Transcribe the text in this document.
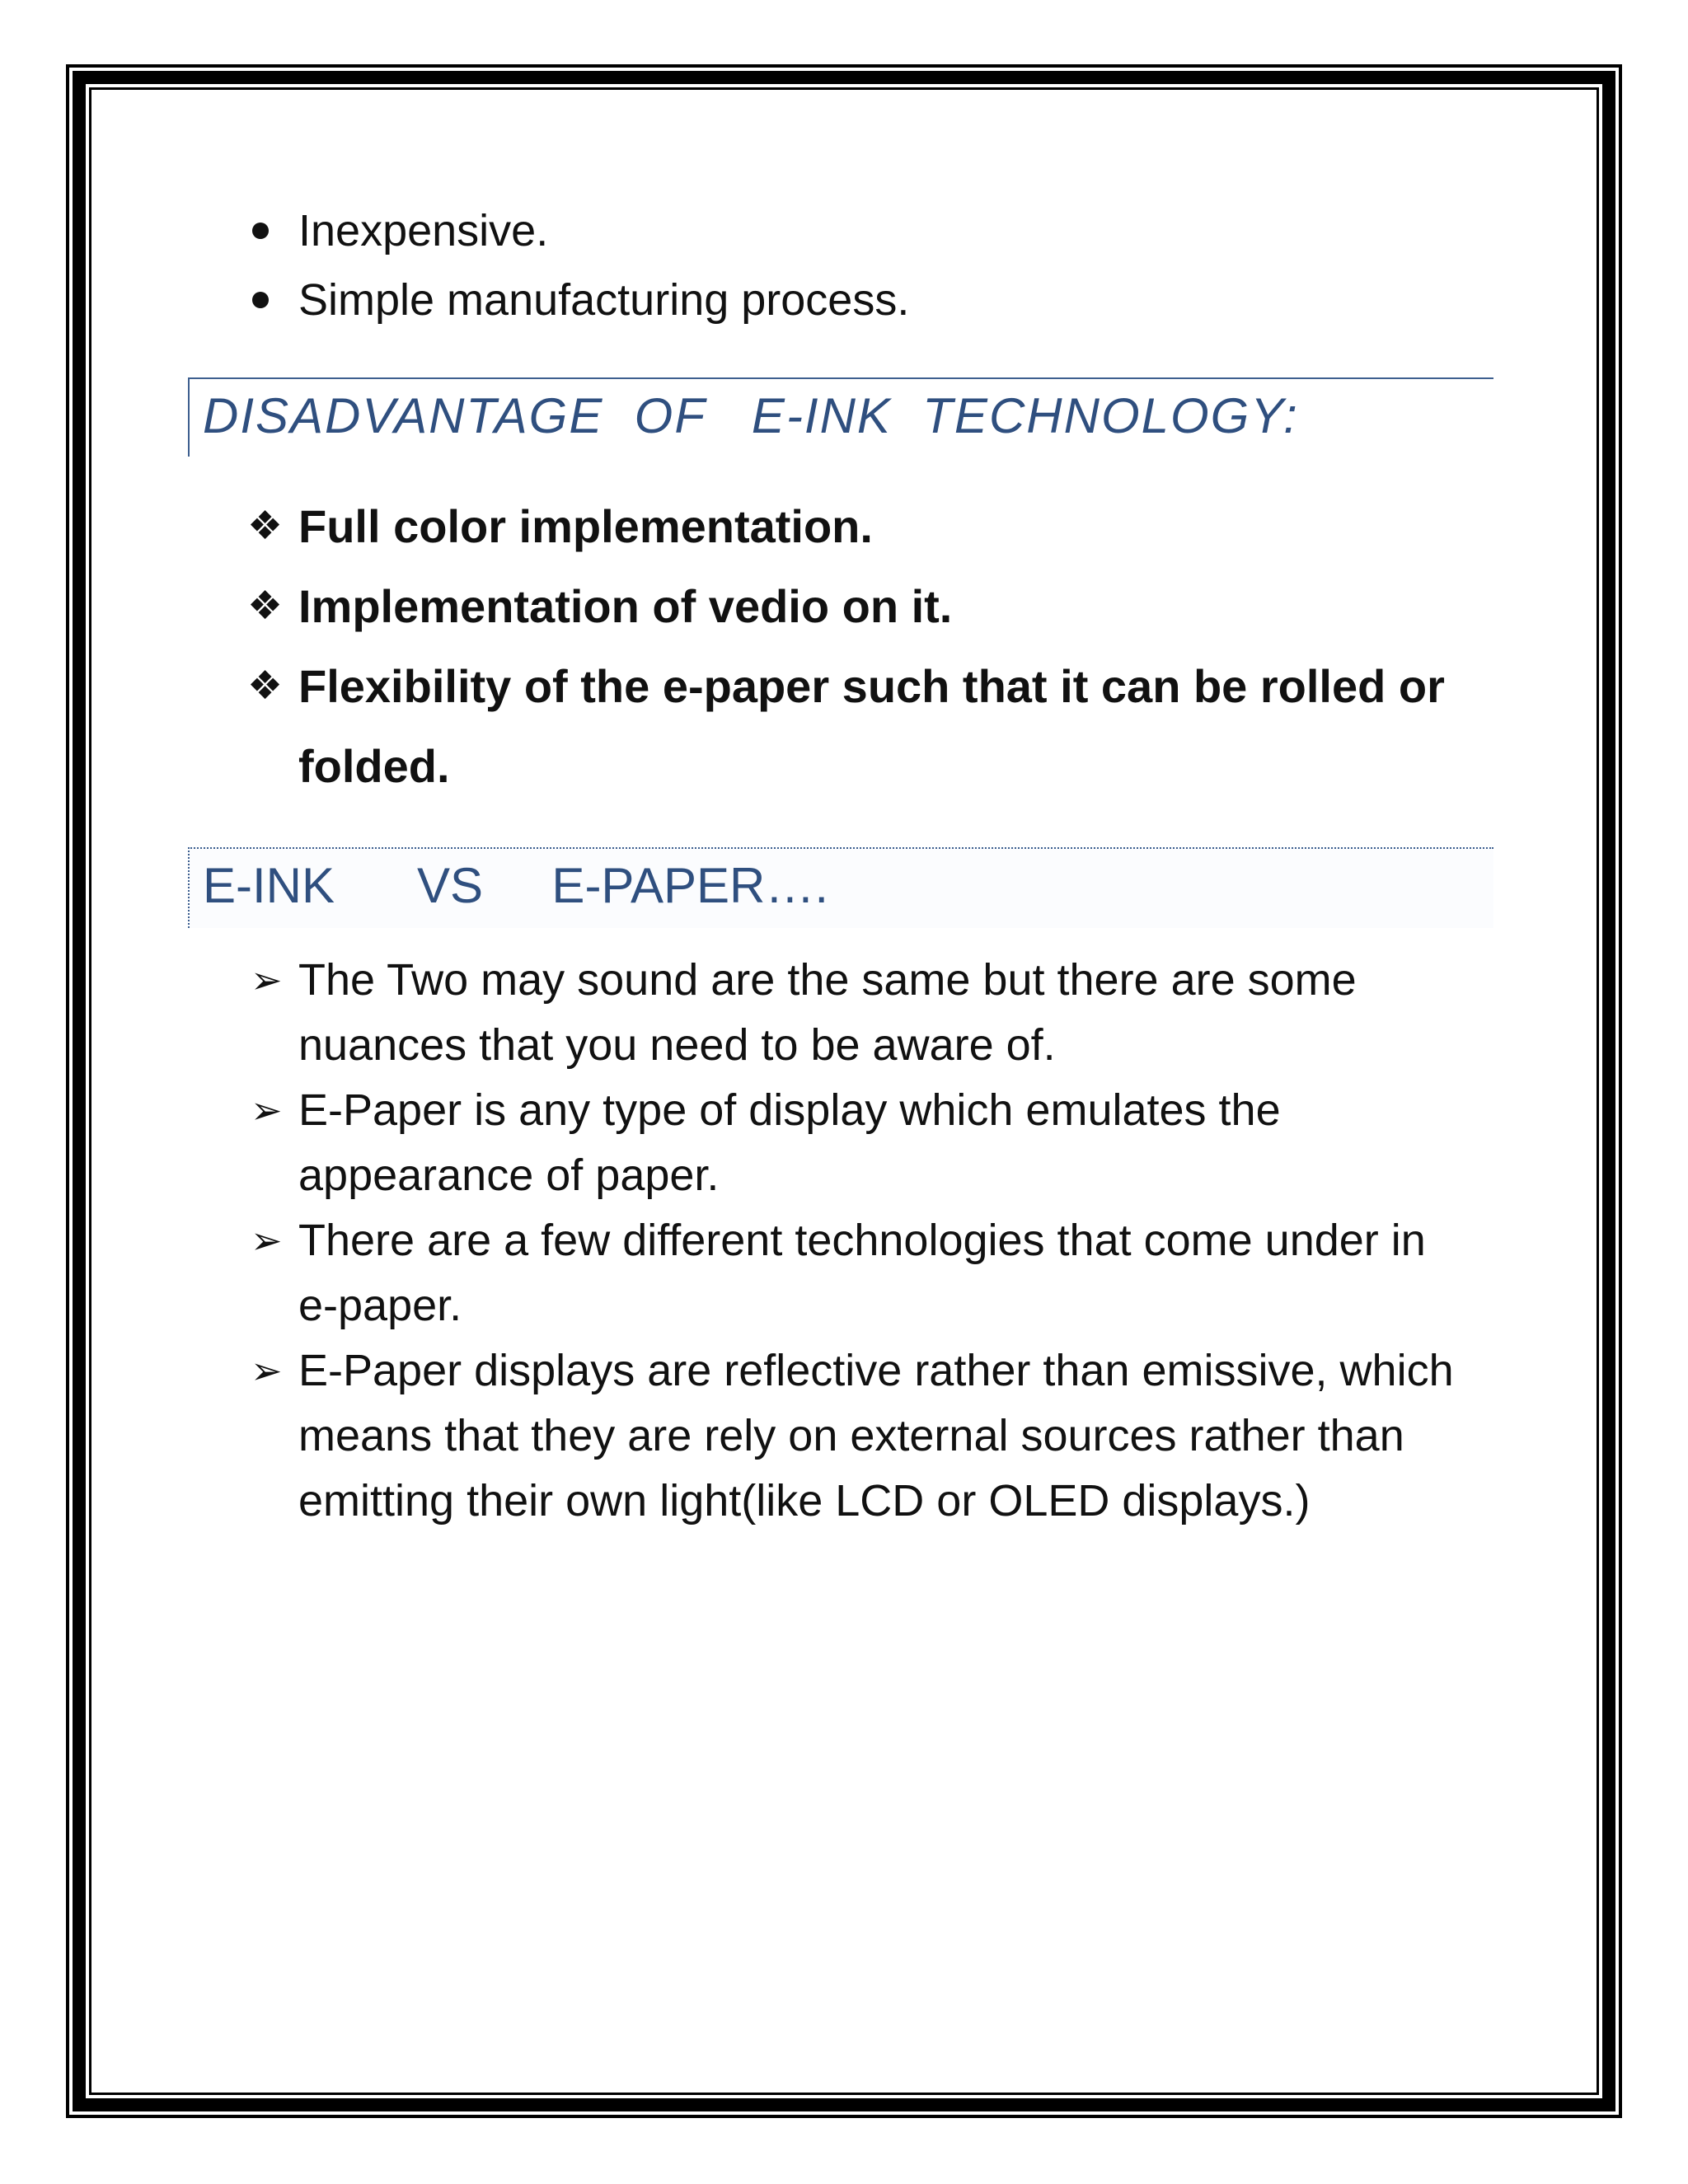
Inexpensive.
Simple manufacturing process.
DISADVANTAGE  OF   E-INK  TECHNOLOGY:
❖ Full color implementation.
❖ Implementation of vedio on it.
❖ Flexibility of the e-paper such that it can be rolled or folded.
E-INK      VS     E-PAPER….
➢ The Two may sound are the same but there are some nuances that you need to be aware of.
➢ E-Paper is any type of display which emulates the appearance of paper.
➢ There are a few different technologies that come under in e-paper.
➢ E-Paper displays are reflective rather than emissive, which means that they are rely on external sources rather than emitting their own light(like LCD or OLED displays.)
